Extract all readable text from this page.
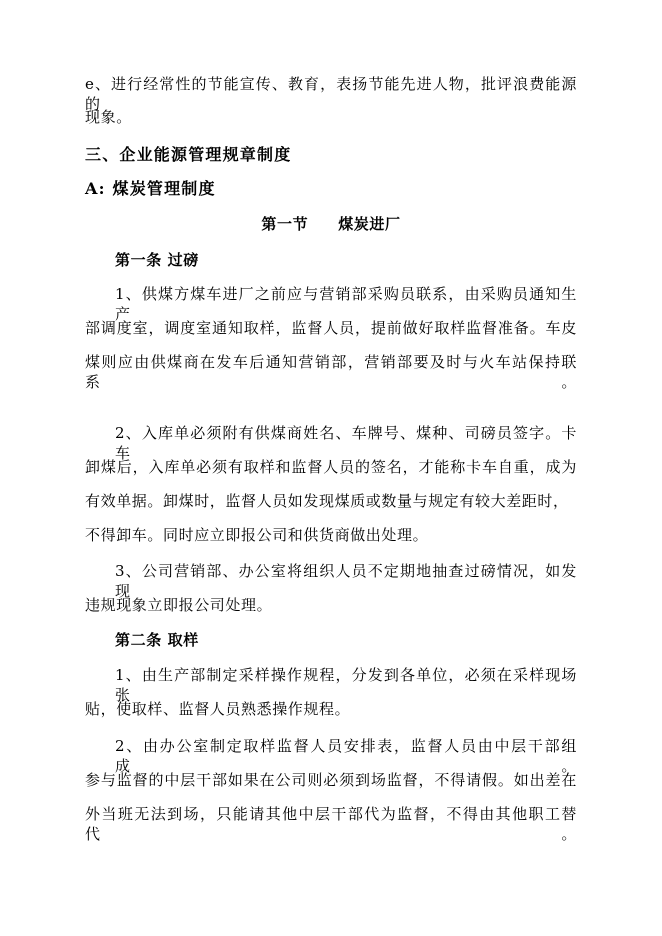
e、进行经常性的节能宣传、教育，表扬节能先进人物，批评浪费能源的
现象。
三、企业能源管理规章制度
A: 煤炭管理制度
第一节 煤炭进厂
第一条 过磅
1、供煤方煤车进厂之前应与营销部采购员联系，由采购员通知生产
部调度室，调度室通知取样，监督人员，提前做好取样监督准备。车皮
煤则应由供煤商在发车后通知营销部，营销部要及时与火车站保持联系。
2、入库单必须附有供煤商姓名、车牌号、煤种、司磅员签字。卡车
卸煤后，入库单必须有取样和监督人员的签名，才能称卡车自重，成为
有效单据。卸煤时，监督人员如发现煤质或数量与规定有较大差距时，
不得卸车。同时应立即报公司和供货商做出处理。
3、公司营销部、办公室将组织人员不定期地抽查过磅情况，如发现
违规现象立即报公司处理。
第二条 取样
1、由生产部制定采样操作规程，分发到各单位，必须在采样现场张
贴，使取样、监督人员熟悉操作规程。
2、由办公室制定取样监督人员安排表，监督人员由中层干部组成。
参与监督的中层干部如果在公司则必须到场监督，不得请假。如出差在
外当班无法到场，只能请其他中层干部代为监督，不得由其他职工替代。
